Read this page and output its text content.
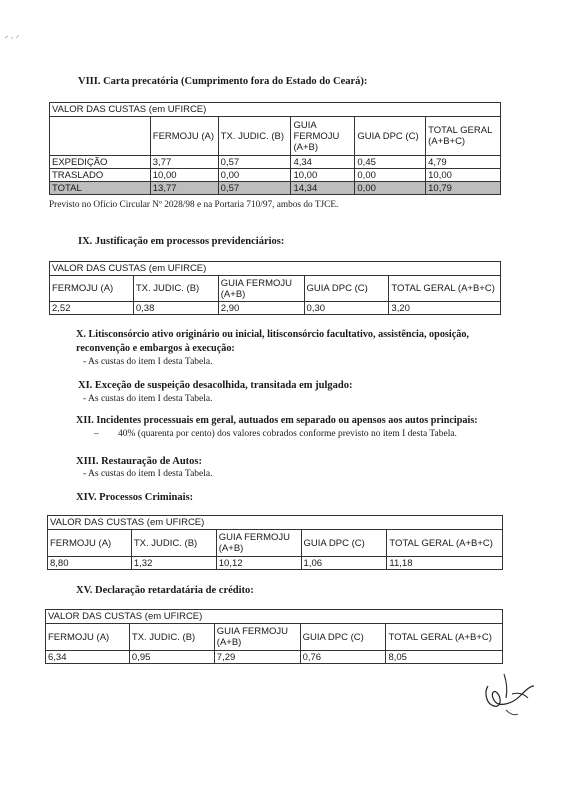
VIII. Carta precatória (Cumprimento fora do Estado do Ceará):
VALOR DAS CUSTAS (em UFIRCE)					
	FERMOJU (A)	TX. JUDIC. (B)	GUIA FERMOJU (A+B)	GUIA DPC (C)	TOTAL GERAL (A+B+C)
EXPEDIÇÃO	3,77	0,57	4,34	0,45	4,79
TRASLADO	10,00	0,00	10,00	0,00	10,00
TOTAL	13,77	0,57	14,34	0,00	10,79
Previsto no Ofício Circular Nº 2028/98 e na Portaria 710/97, ambos do TJCE.
IX. Justificação em processos previdenciários:
VALOR DAS CUSTAS (em UFIRCE)				
FERMOJU (A)	TX. JUDIC. (B)	GUIA FERMOJU (A+B)	GUIA DPC (C)	TOTAL GERAL (A+B+C)
2,52	0,38	2,90	0,30	3,20
X. Litisconsórcio ativo originário ou inicial, litisconsórcio facultativo, assistência, oposição,
reconvenção e embargos à execução:
- As custas do item I desta Tabela.
XI. Exceção de suspeição desacolhida, transitada em julgado:
- As custas do item I desta Tabela.
XII. Incidentes processuais em geral, autuados em separado ou apensos aos autos principais:
– 40% (quarenta por cento) dos valores cobrados conforme previsto no item I desta Tabela.
XIII. Restauração de Autos:
- As custas do item I desta Tabela.
XIV. Processos Criminais:
VALOR DAS CUSTAS (em UFIRCE)				
FERMOJU (A)	TX. JUDIC. (B)	GUIA FERMOJU (A+B)	GUIA DPC (C)	TOTAL GERAL (A+B+C)
8,80	1,32	10,12	1,06	11,18
XV. Declaração retardatária de crédito:
VALOR DAS CUSTAS (em UFIRCE)				
FERMOJU (A)	TX. JUDIC. (B)	GUIA FERMOJU (A+B)	GUIA DPC (C)	TOTAL GERAL (A+B+C)
6,34	0,95	7,29	0,76	8,05
